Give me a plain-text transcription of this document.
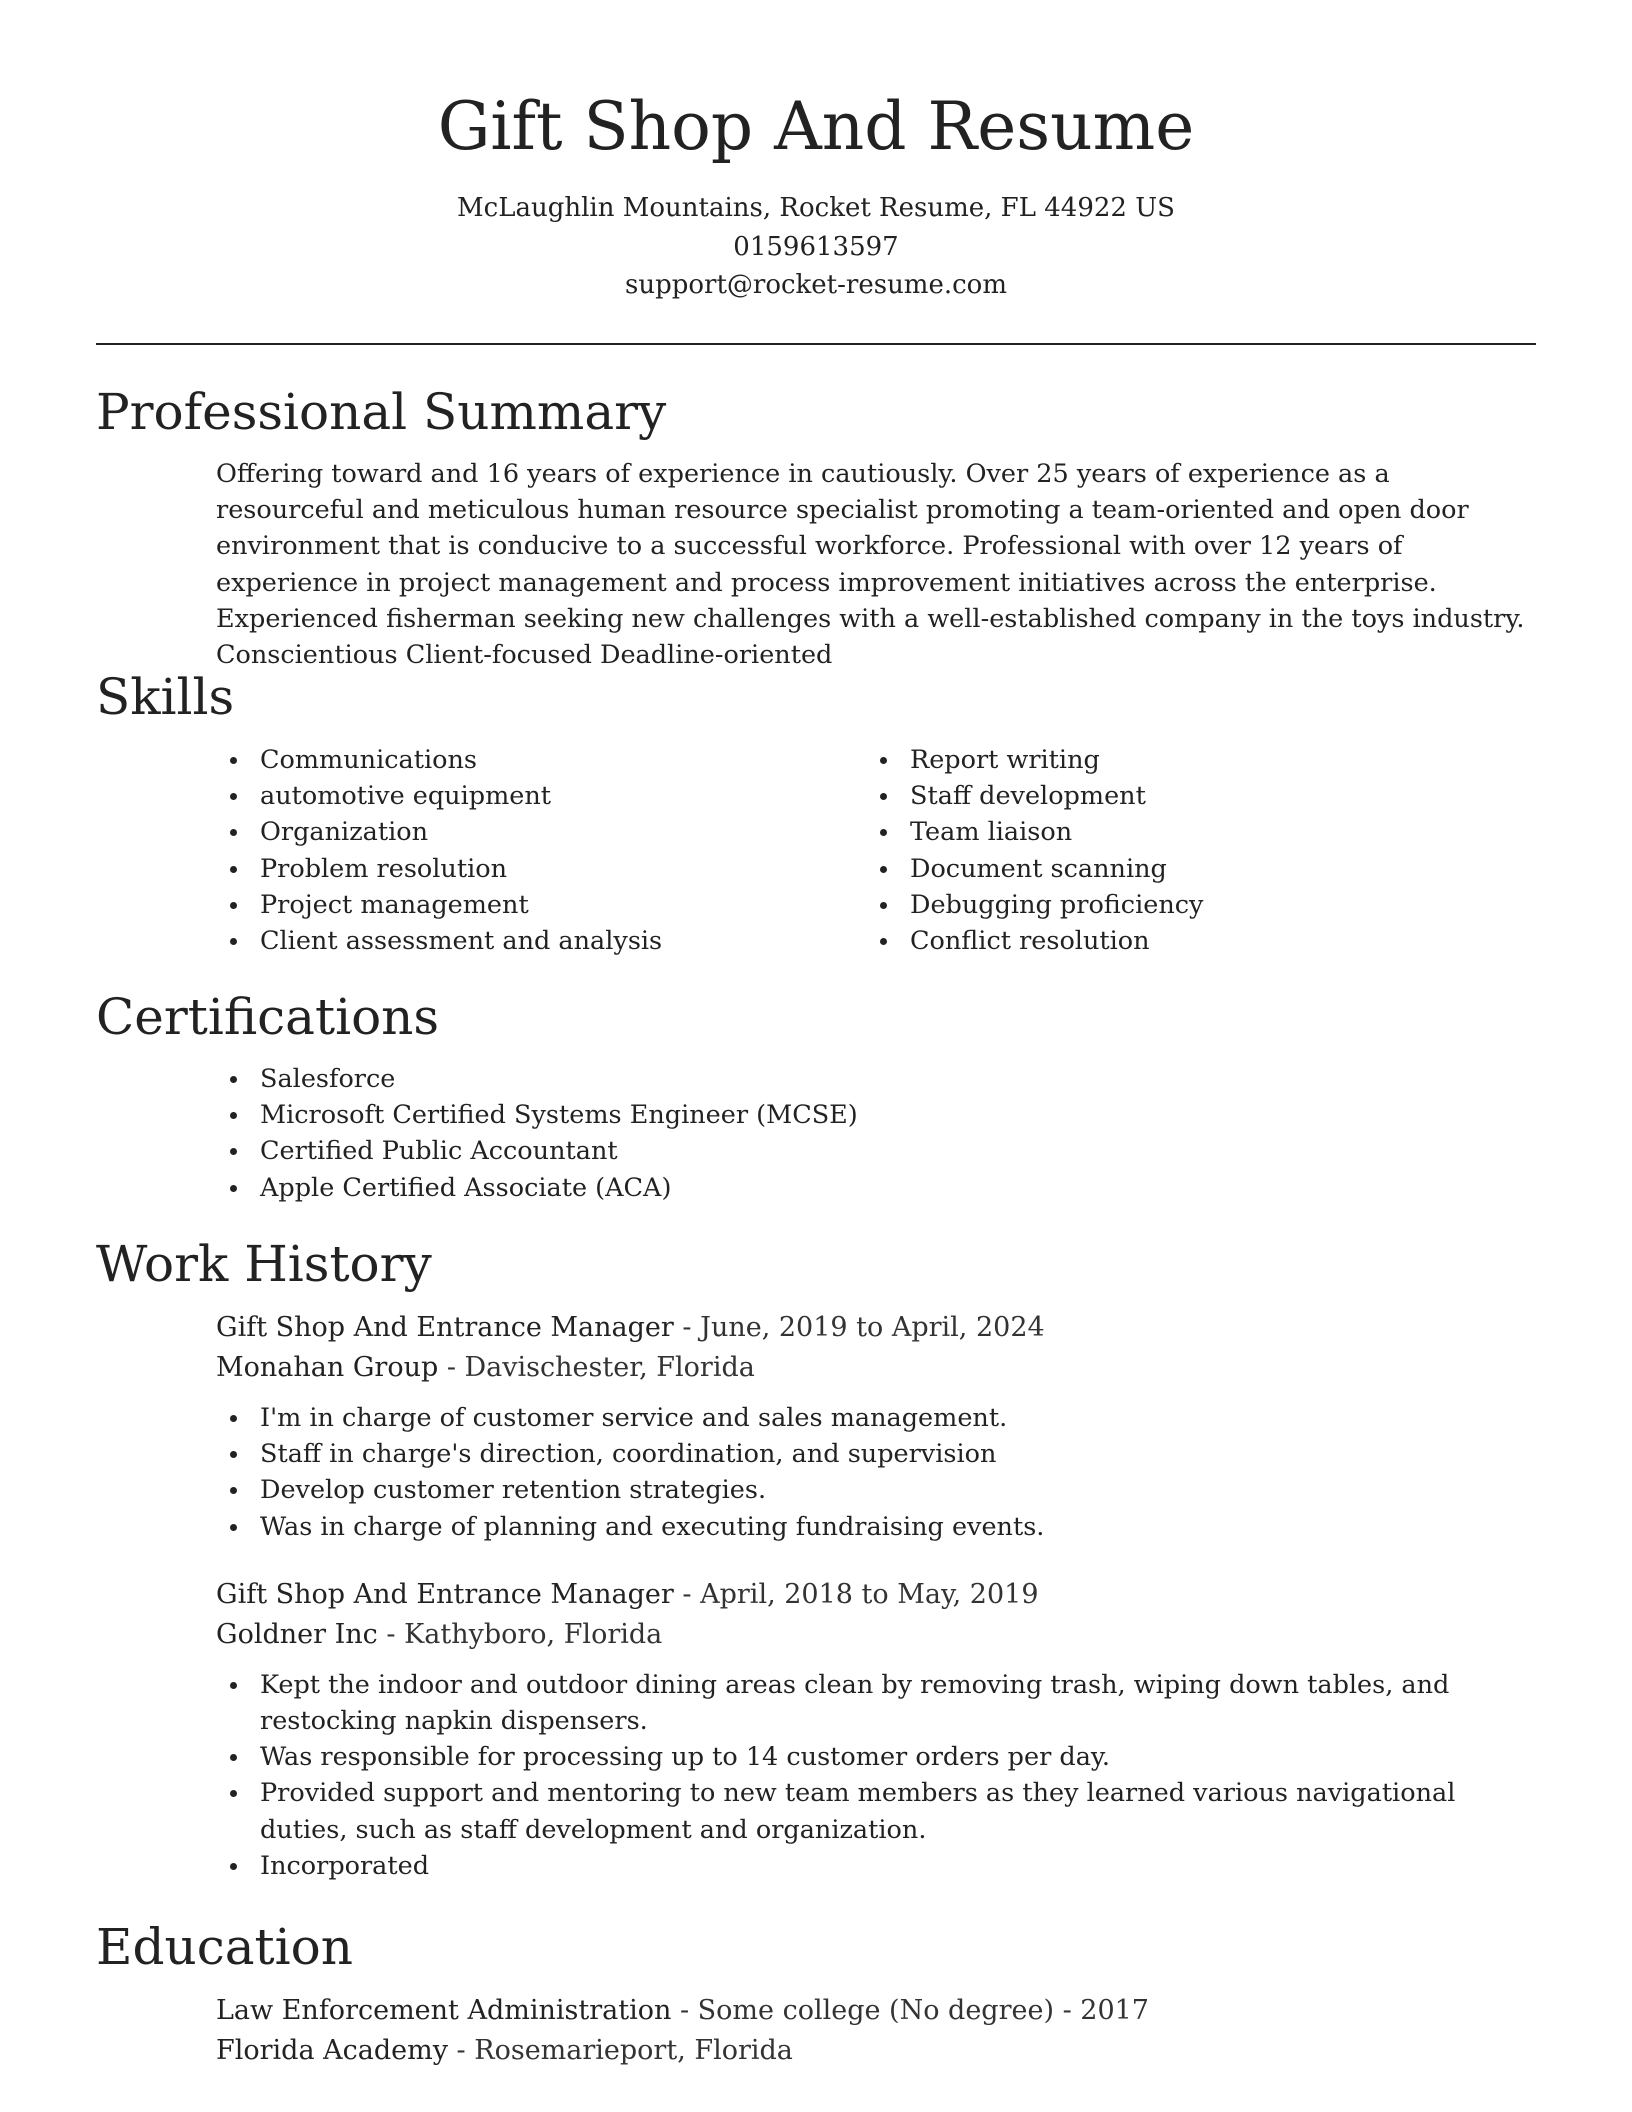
Gift Shop And Resume
McLaughlin Mountains, Rocket Resume, FL 44922 US
0159613597
support@rocket-resume.com
Professional Summary
Offering toward and 16 years of experience in cautiously. Over 25 years of experience as a resourceful and meticulous human resource specialist promoting a team-oriented and open door environment that is conducive to a successful workforce. Professional with over 12 years of experience in project management and process improvement initiatives across the enterprise. Experienced fisherman seeking new challenges with a well-established company in the toys industry. Conscientious Client-focused Deadline-oriented
Skills
Communications
automotive equipment
Organization
Problem resolution
Project management
Client assessment and analysis
Report writing
Staff development
Team liaison
Document scanning
Debugging proficiency
Conflict resolution
Certifications
Salesforce
Microsoft Certified Systems Engineer (MCSE)
Certified Public Accountant
Apple Certified Associate (ACA)
Work History
Gift Shop And Entrance Manager - June, 2019 to April, 2024
Monahan Group - Davischester, Florida
I'm in charge of customer service and sales management.
Staff in charge's direction, coordination, and supervision
Develop customer retention strategies.
Was in charge of planning and executing fundraising events.
Gift Shop And Entrance Manager - April, 2018 to May, 2019
Goldner Inc - Kathyboro, Florida
Kept the indoor and outdoor dining areas clean by removing trash, wiping down tables, and restocking napkin dispensers.
Was responsible for processing up to 14 customer orders per day.
Provided support and mentoring to new team members as they learned various navigational duties, such as staff development and organization.
Incorporated
Education
Law Enforcement Administration - Some college (No degree) - 2017
Florida Academy - Rosemarieport, Florida
